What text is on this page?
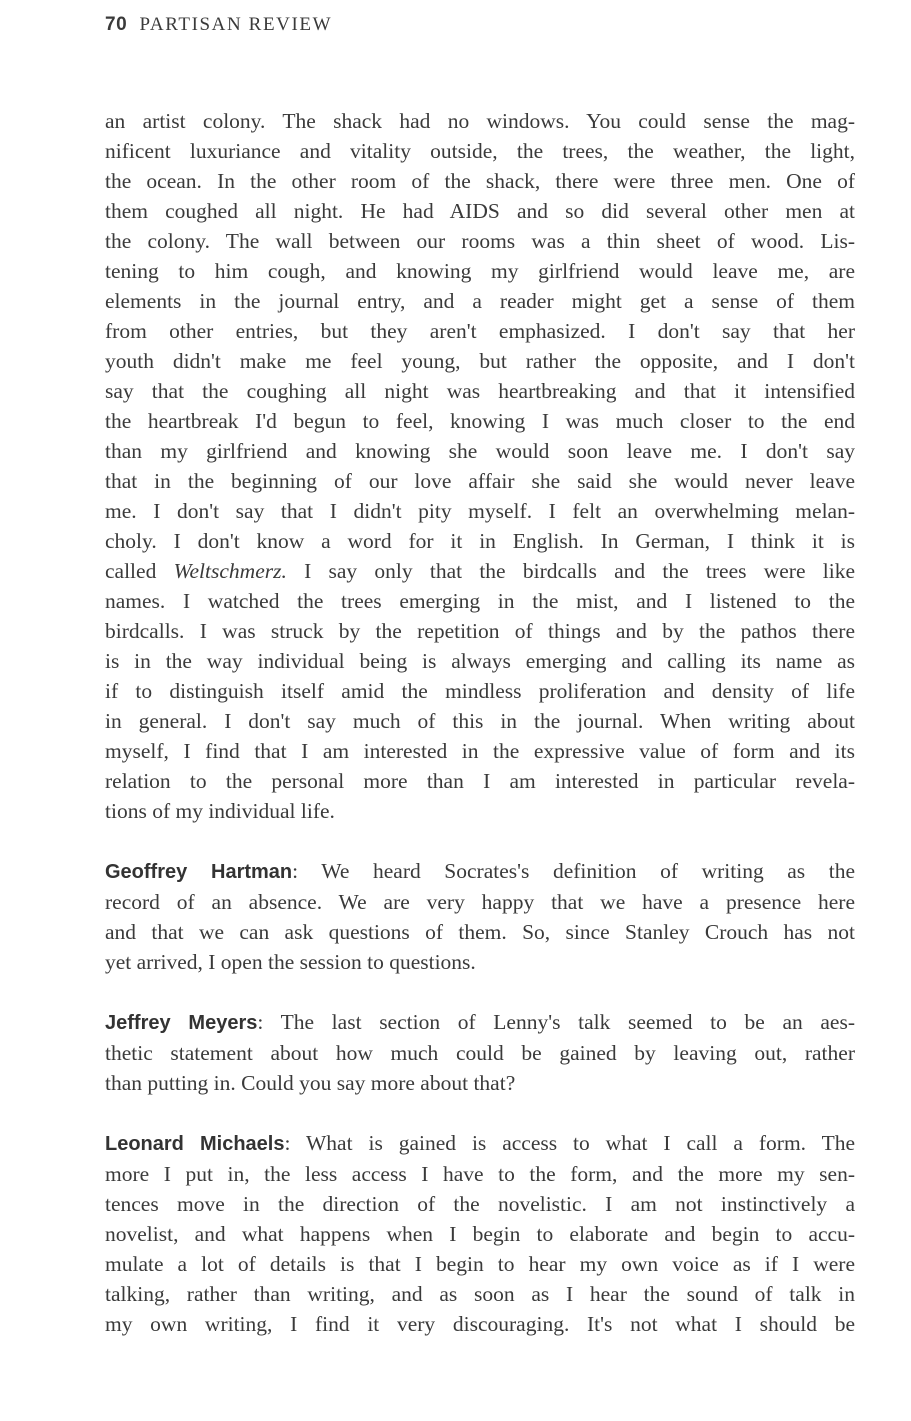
70 PARTISAN REVIEW

an artist colony. The shack had no windows. You could sense the mag-
nificent luxuriance and vitality outside, the trees, the weather, the light,
the ocean. In the other room of the shack, there were three men. One of
them coughed all night. He had AIDS and so did several other men at
the colony. The wall between our rooms was a thin sheet of wood. Lis-
tening to him cough, and knowing my girlfriend would leave me, are
elements in the journal entry, and a reader might get a sense of them
from other entries, but they aren't emphasized. I don't say that her
youth didn't make me feel young, but rather the opposite, and I don't
say that the coughing all night was heartbreaking and that it intensified
the heartbreak I'd begun to feel, knowing I was much closer to the end
than my girlfriend and knowing she would soon leave me. I don't say
that in the beginning of our love affair she said she would never leave
me. I don't say that I didn't pity myself. I felt an overwhelming melan-
choly. I don't know a word for it in English. In German, I think it is
called Weltschmerz. I say only that the birdcalls and the trees were like
names. I watched the trees emerging in the mist, and I listened to the
birdcalls. I was struck by the repetition of things and by the pathos there
is in the way individual being is always emerging and calling its name as
if to distinguish itself amid the mindless proliferation and density of life
in general. I don't say much of this in the journal. When writing about
myself, I find that I am interested in the expressive value of form and its
relation to the personal more than I am interested in particular revela-
tions of my individual life.

Geoffrey Hartman: We heard Socrates's definition of writing as the
record of an absence. We are very happy that we have a presence here
and that we can ask questions of them. So, since Stanley Crouch has not
yet arrived, I open the session to questions.

Jeffrey Meyers: The last section of Lenny's talk seemed to be an aes-
thetic statement about how much could be gained by leaving out, rather
than putting in. Could you say more about that?

Leonard Michaels: What is gained is access to what I call a form. The
more I put in, the less access I have to the form, and the more my sen-
tences move in the direction of the novelistic. I am not instinctively a
novelist, and what happens when I begin to elaborate and begin to accu-
mulate a lot of details is that I begin to hear my own voice as if I were
talking, rather than writing, and as soon as I hear the sound of talk in
my own writing, I find it very discouraging. It's not what I should be
